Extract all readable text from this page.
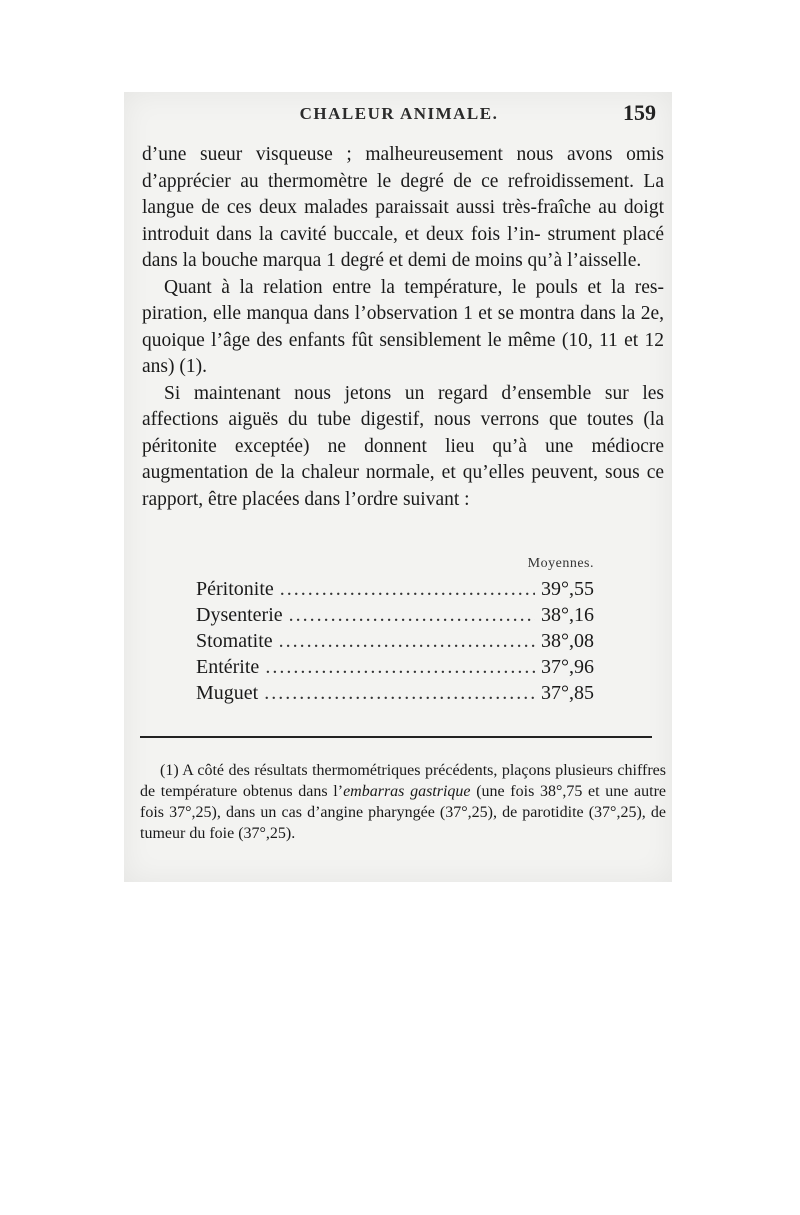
CHALEUR ANIMALE.	159

d’une sueur visqueuse ; malheureusement nous avons omis d’apprécier au thermomètre le degré de ce refroidissement. La langue de ces deux malades paraissait aussi très-fraîche au doigt introduit dans la cavité buccale, et deux fois l’in- strument placé dans la bouche marqua 1 degré et demi de moins qu’à l’aisselle.

Quant à la relation entre la température, le pouls et la res- piration, elle manqua dans l’observation 1 et se montra dans la 2e, quoique l’âge des enfants fût sensiblement le même (10, 11 et 12 ans) (1).

Si maintenant nous jetons un regard d’ensemble sur les affections aiguës du tube digestif, nous verrons que toutes (la péritonite exceptée) ne donnent lieu qu’à une médiocre augmentation de la chaleur normale, et qu’elles peuvent, sous ce rapport, être placées dans l’ordre suivant :

Moyennes.
Péritonite .....	39°,55
Dysenterie .....	38°,16
Stomatite .....	38°,08
Entérite .....	37°,96
Muguet .....	37°,85

(1) A côté des résultats thermométriques précédents, plaçons plusieurs chiffres de température obtenus dans l’embarras gastrique (une fois 38°,75 et une autre fois 37°,25), dans un cas d’angine pharyngée (37°,25), de parotidite (37°,25), de tumeur du foie (37°,25).
